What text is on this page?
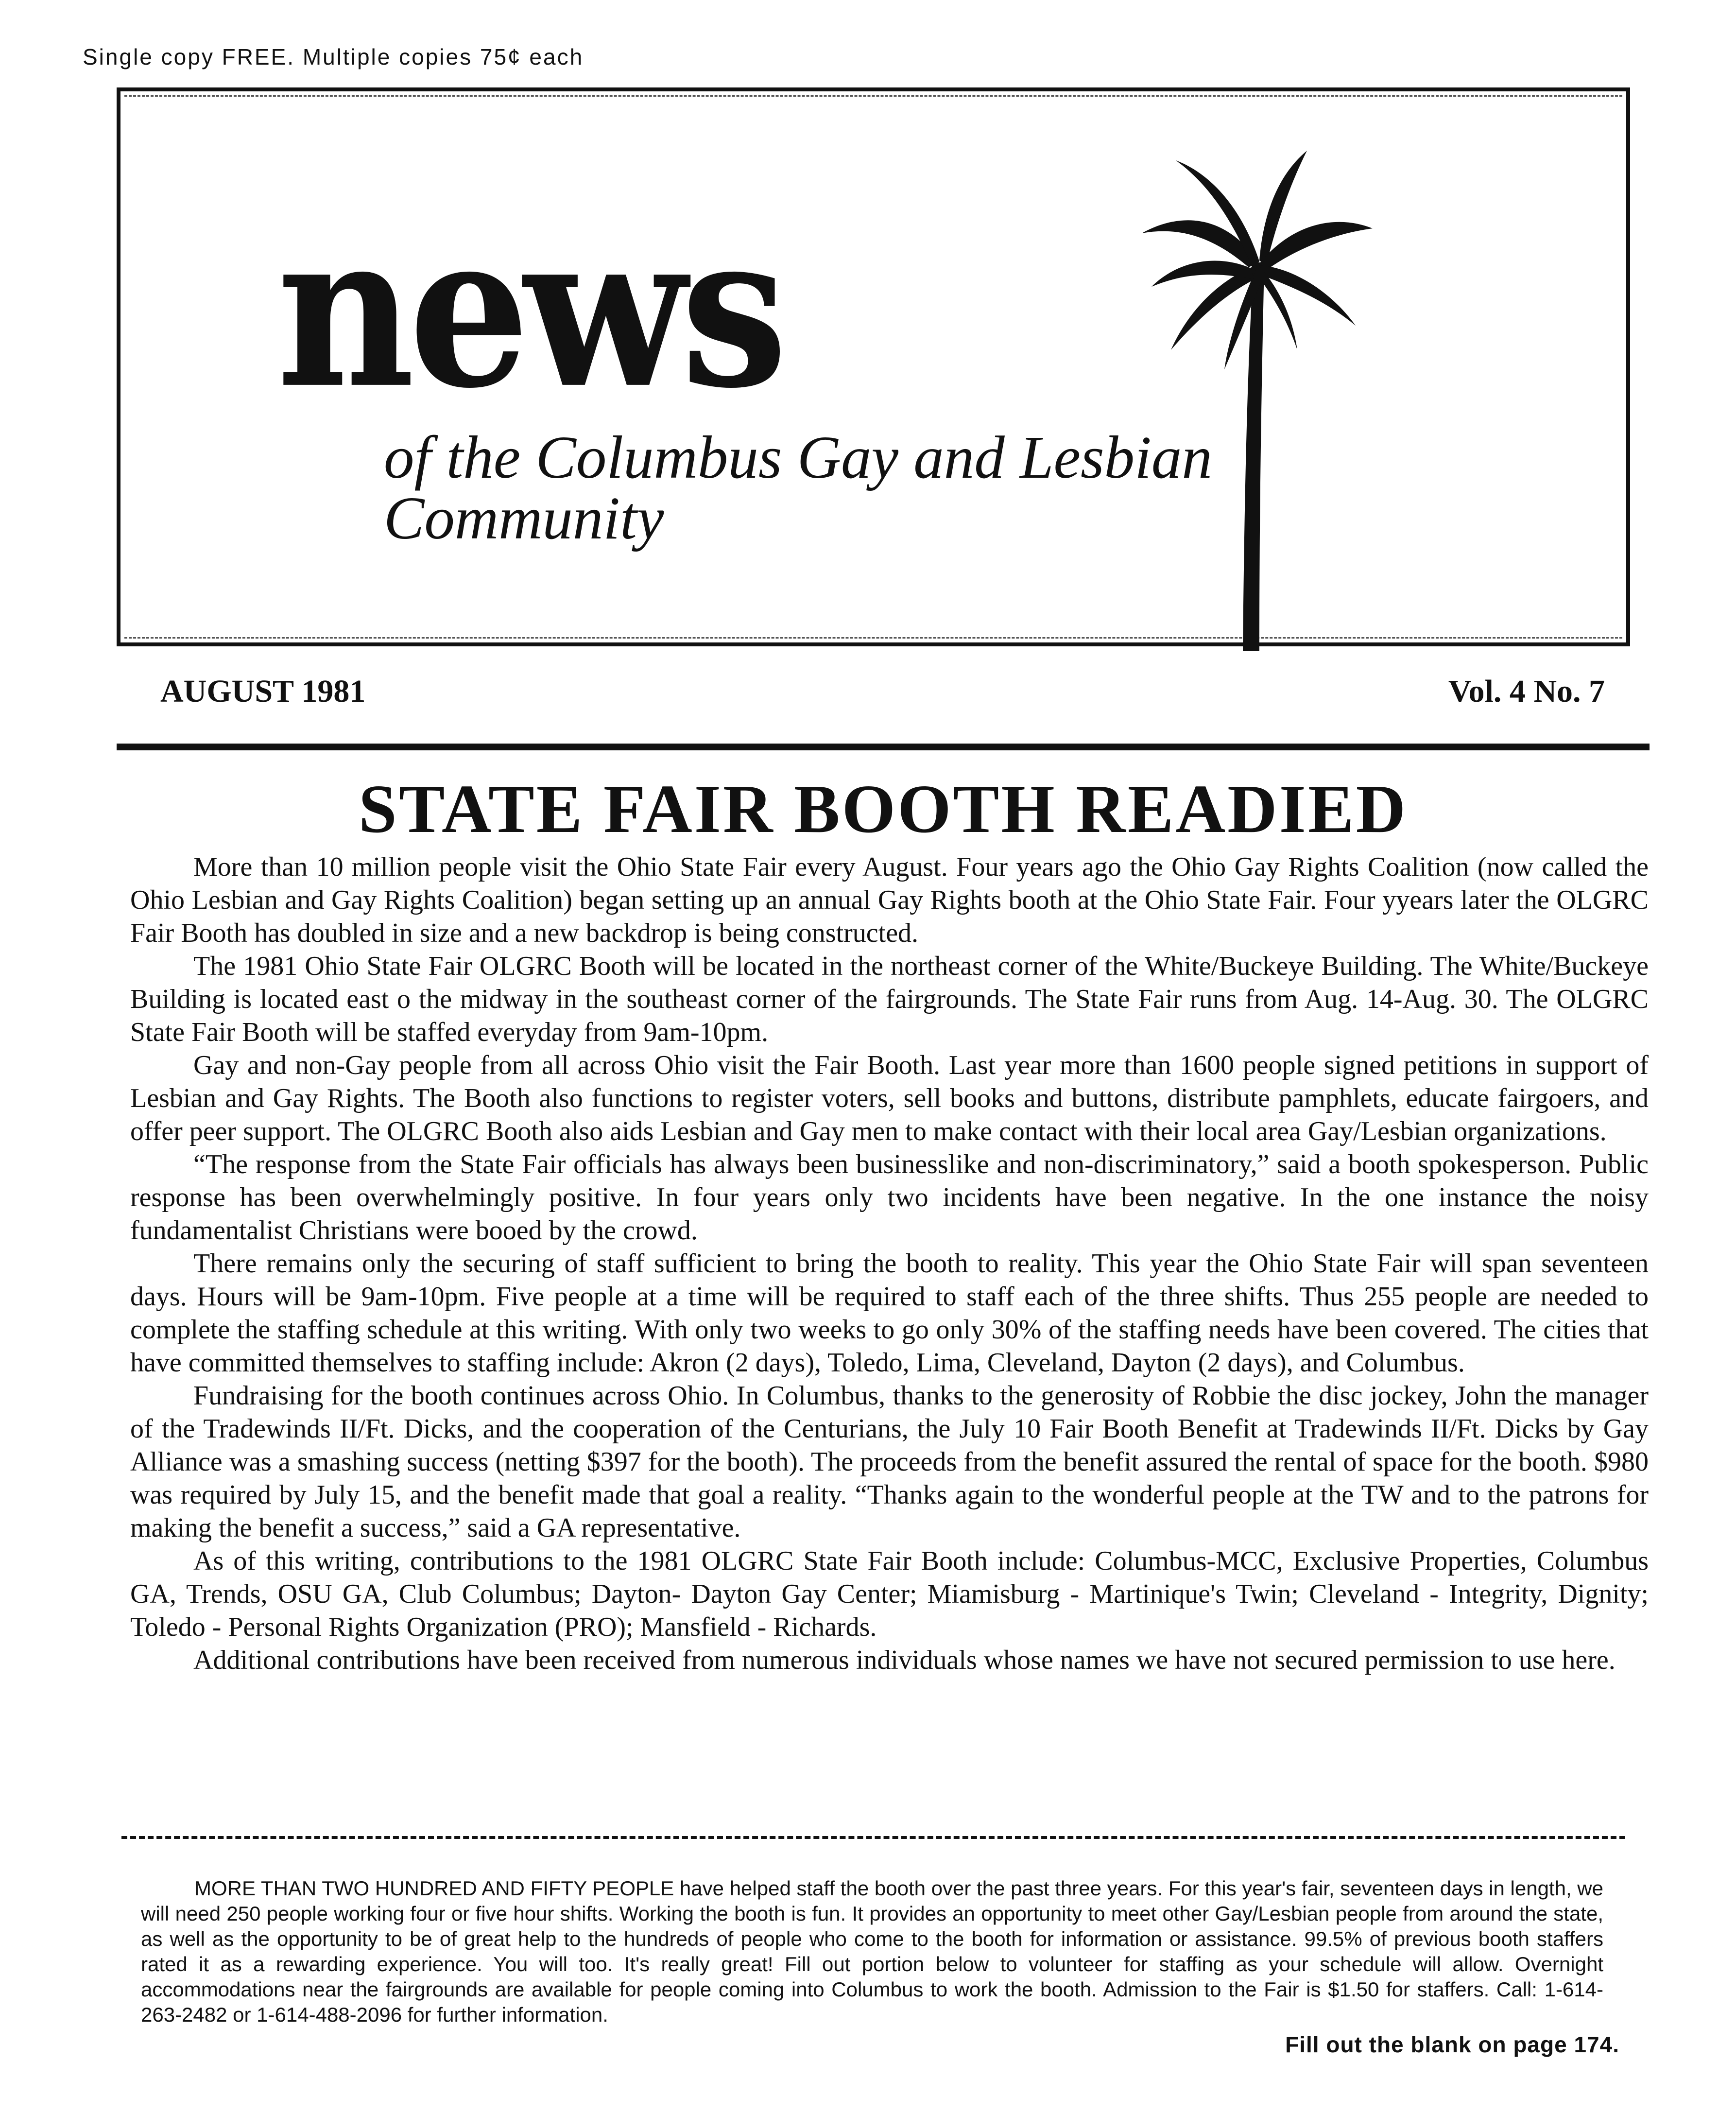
Single copy FREE. Multiple copies 75¢ each
news
of the Columbus Gay and Lesbian Community
AUGUST 1981	Vol. 4 No. 7
STATE FAIR BOOTH READIED

More than 10 million people visit the Ohio State Fair every August. Four years ago the Ohio Gay Rights Coalition (now called the Ohio Lesbian and Gay Rights Coalition) began setting up an annual Gay Rights booth at the Ohio State Fair. Four yyears later the OLGRC Fair Booth has doubled in size and a new backdrop is being constructed.

The 1981 Ohio State Fair OLGRC Booth will be located in the northeast corner of the White/Buckeye Building. The White/Buckeye Building is located east o the midway in the southeast corner of the fairgrounds. The State Fair runs from Aug. 14-Aug. 30. The OLGRC State Fair Booth will be staffed everyday from 9am-10pm.

Gay and non-Gay people from all across Ohio visit the Fair Booth. Last year more than 1600 people signed petitions in support of Lesbian and Gay Rights. The Booth also functions to register voters, sell books and buttons, distribute pamphlets, educate fairgoers, and offer peer support. The OLGRC Booth also aids Lesbian and Gay men to make contact with their local area Gay/Lesbian organizations.

“The response from the State Fair officials has always been businesslike and non-discriminatory,” said a booth spokesperson. Public response has been overwhelmingly positive. In four years only two incidents have been negative. In the one instance the noisy fundamentalist Christians were booed by the crowd.

There remains only the securing of staff sufficient to bring the booth to reality. This year the Ohio State Fair will span seventeen days. Hours will be 9am-10pm. Five people at a time will be required to staff each of the three shifts. Thus 255 people are needed to complete the staffing schedule at this writing. With only two weeks to go only 30% of the staffing needs have been covered. The cities that have committed themselves to staffing include: Akron (2 days), Toledo, Lima, Cleveland, Dayton (2 days), and Columbus.

Fundraising for the booth continues across Ohio. In Columbus, thanks to the generosity of Robbie the disc jockey, John the manager of the Tradewinds II/Ft. Dicks, and the cooperation of the Centurians, the July 10 Fair Booth Benefit at Tradewinds II/Ft. Dicks by Gay Alliance was a smashing success (netting $397 for the booth). The proceeds from the benefit assured the rental of space for the booth. $980 was required by July 15, and the benefit made that goal a reality. “Thanks again to the wonderful people at the TW and to the patrons for making the benefit a success,” said a GA representative.

As of this writing, contributions to the 1981 OLGRC State Fair Booth include: Columbus-MCC, Exclusive Properties, Columbus GA, Trends, OSU GA, Club Columbus; Dayton- Dayton Gay Center; Miamisburg - Martinique's Twin; Cleveland - Integrity, Dignity; Toledo - Personal Rights Organization (PRO); Mansfield - Richards.

Additional contributions have been received from numerous individuals whose names we have not secured permission to use here.

MORE THAN TWO HUNDRED AND FIFTY PEOPLE have helped staff the booth over the past three years. For this year's fair, seventeen days in length, we will need 250 people working four or five hour shifts. Working the booth is fun. It provides an opportunity to meet other Gay/Lesbian people from around the state, as well as the opportunity to be of great help to the hundreds of people who come to the booth for information or assistance. 99.5% of previous booth staffers rated it as a rewarding experience. You will too. It's really great! Fill out portion below to volunteer for staffing as your schedule will allow. Overnight accommodations near the fairgrounds are available for people coming into Columbus to work the booth. Admission to the Fair is $1.50 for staffers. Call: 1-614-263-2482 or 1-614-488-2096 for further information.
Fill out the blank on page 174.
